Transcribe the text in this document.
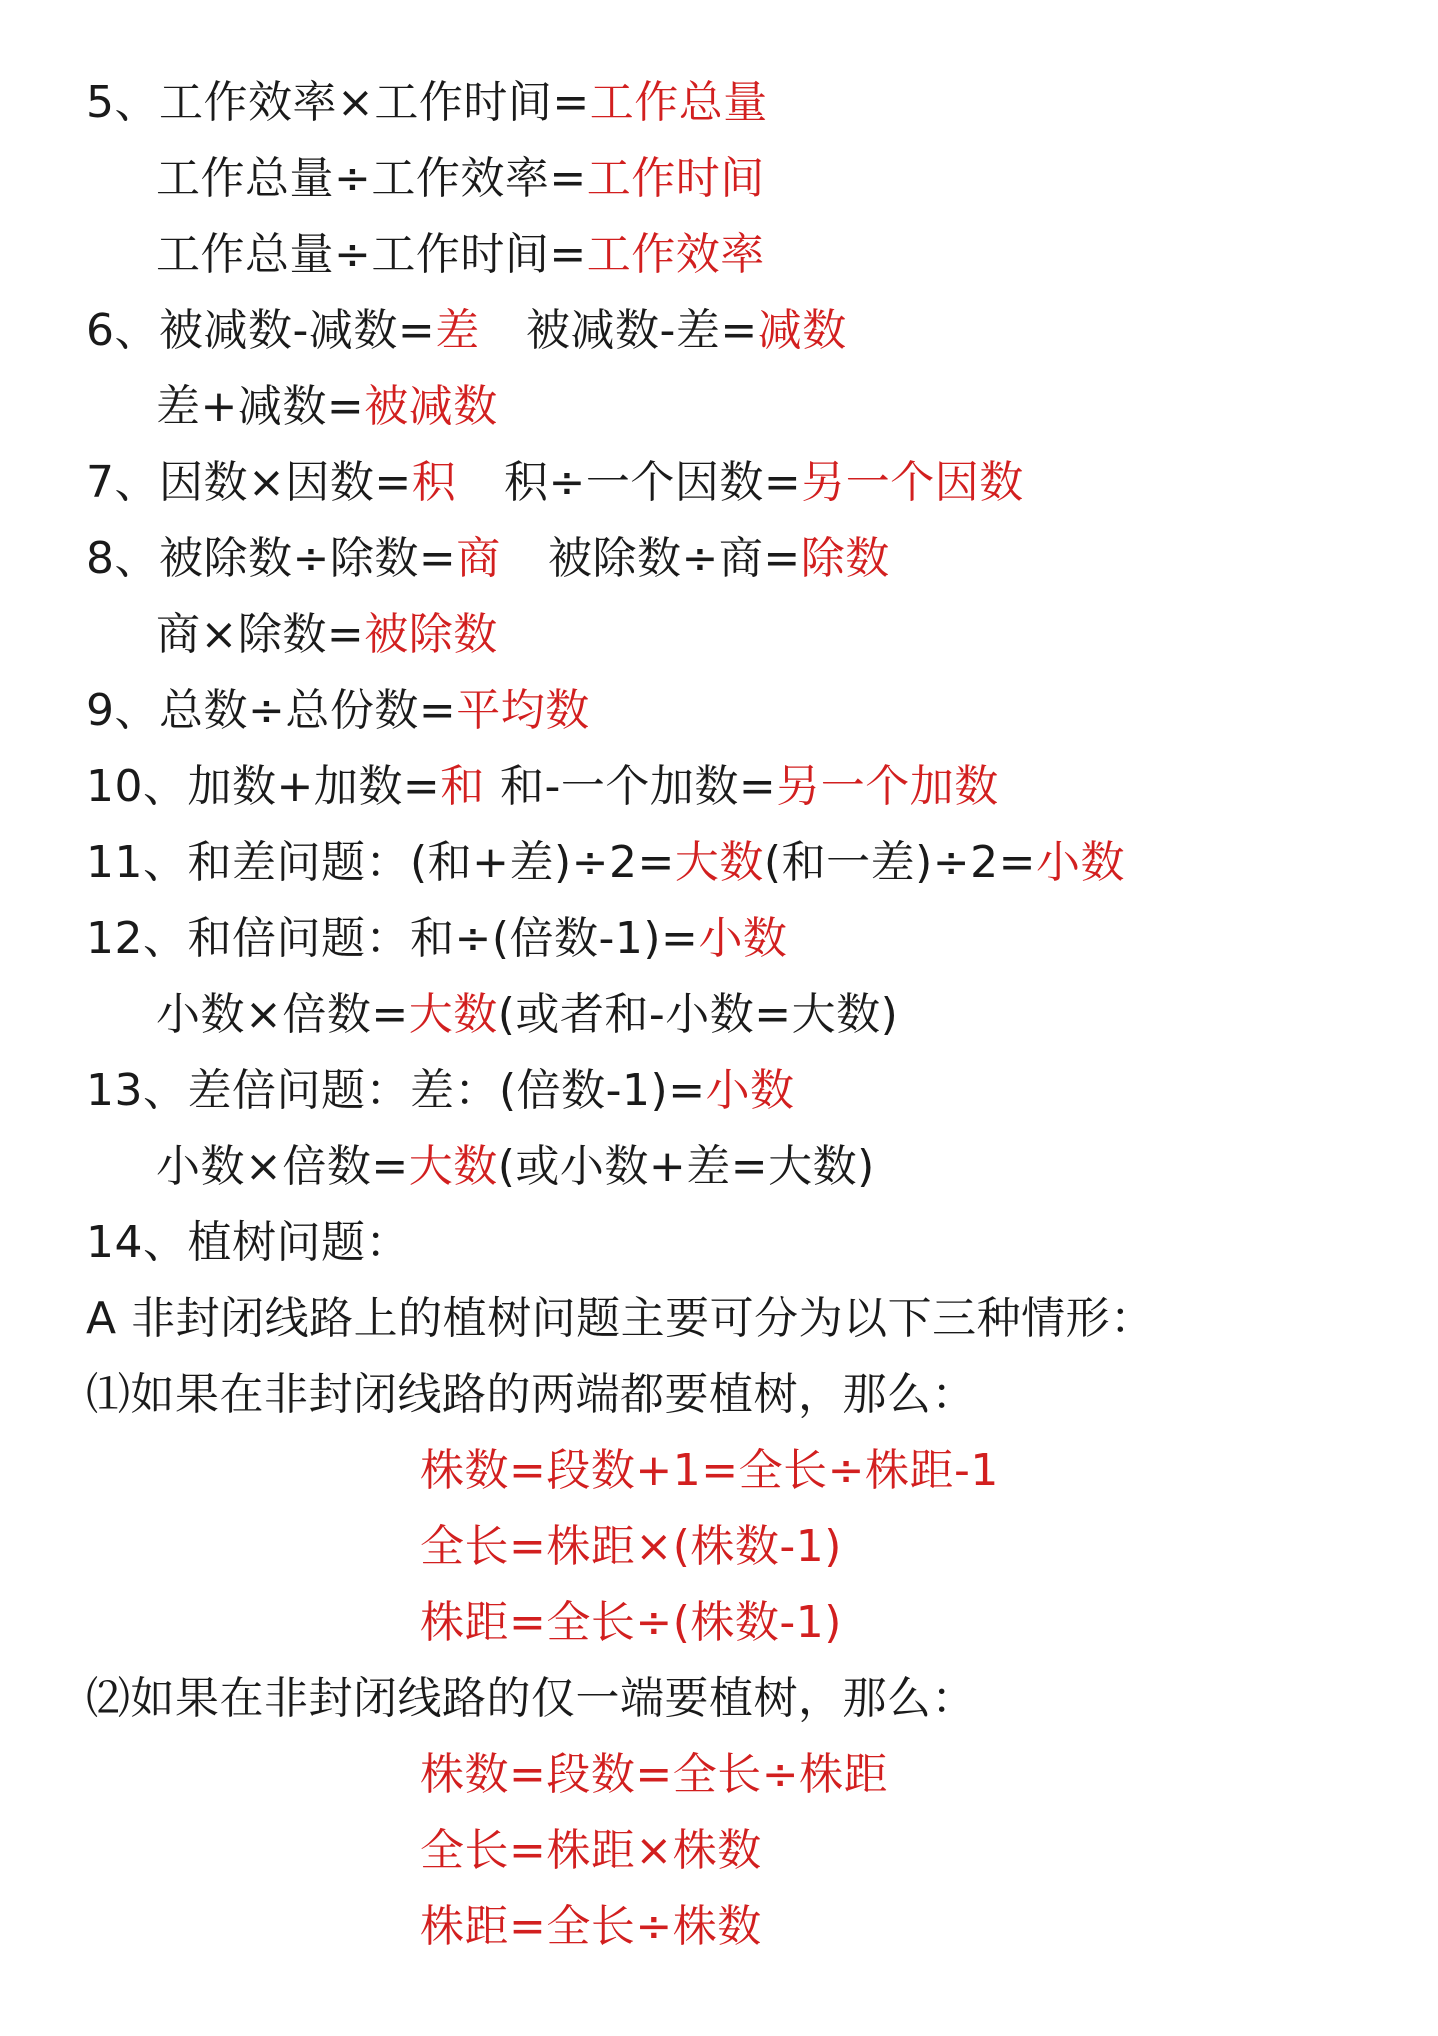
5、工作效率×工作时间=工作总量
工作总量÷工作效率=工作时间
工作总量÷工作时间=工作效率
6、被减数-减数=差 被减数-差=减数
差+减数=被减数
7、因数×因数=积 积÷一个因数=另一个因数
8、被除数÷除数=商 被除数÷商=除数
商×除数=被除数
9、总数÷总份数=平均数
10、加数+加数=和 和-一个加数=另一个加数
11、和差问题：(和+差)÷2=大数(和一差)÷2=小数
12、和倍问题：和÷(倍数-1)=小数
小数×倍数=大数(或者和-小数=大数)
13、差倍问题：差：(倍数-1)=小数
小数×倍数=大数(或小数+差=大数)
14、植树问题：
A 非封闭线路上的植树问题主要可分为以下三种情形：
⑴如果在非封闭线路的两端都要植树，那么：
株数=段数+1=全长÷株距-1
全长=株距×(株数-1)
株距=全长÷(株数-1)
⑵如果在非封闭线路的仅一端要植树，那么：
株数=段数=全长÷株距
全长=株距×株数
株距=全长÷株数
